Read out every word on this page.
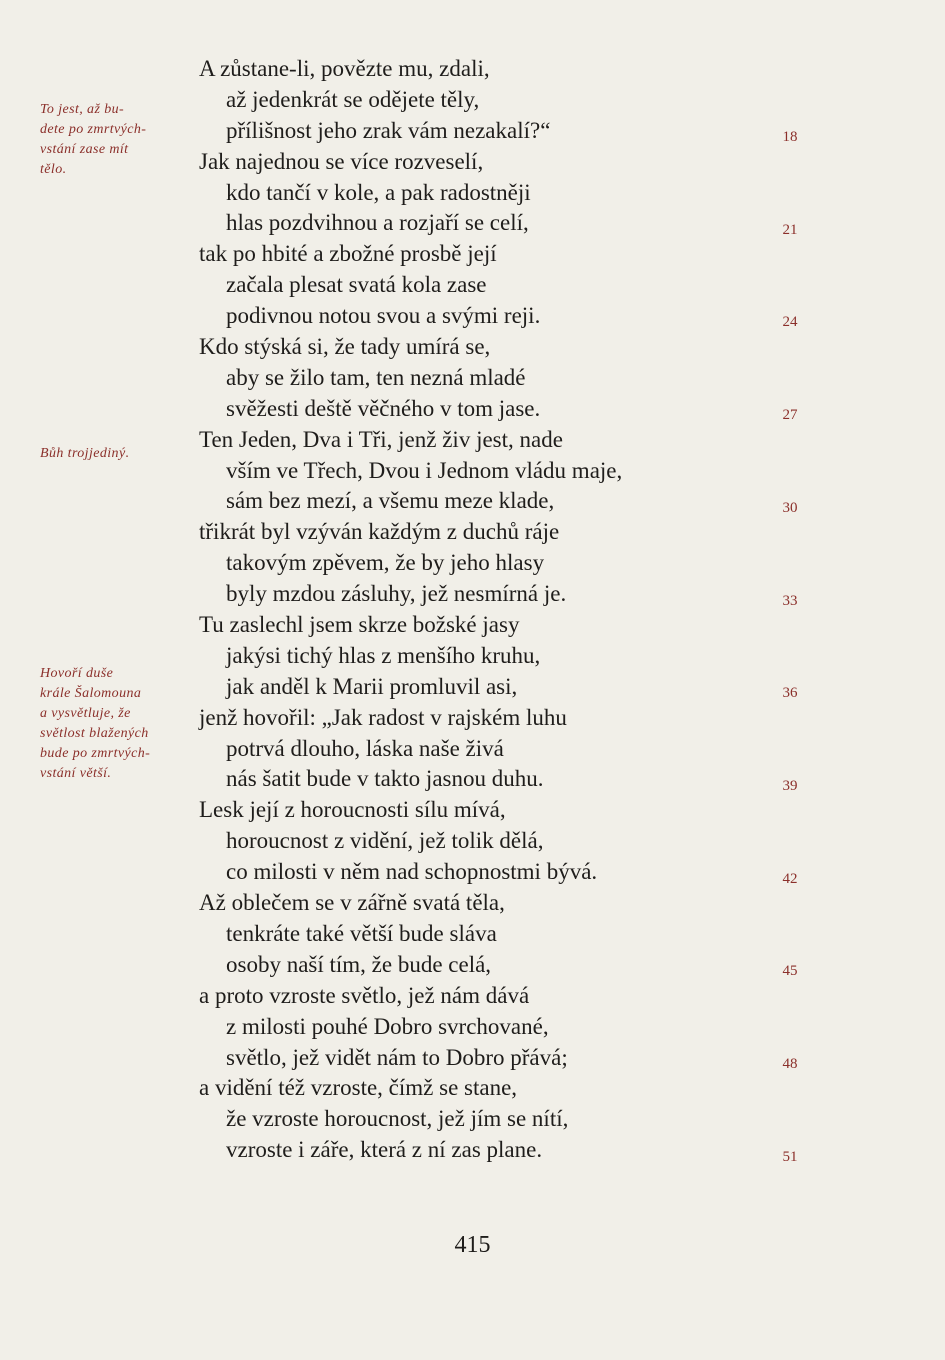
To jest, až bu-
dete po zmrtvých-
vstání zase mít
tělo.
Bůh trojjediný.
Hovoří duše
krále Šalomouna
a vysvětluje, že
světlost blažených
bude po zmrtvých-
vstání větší.
A zůstane-li, povězte mu, zdali,
až jedenkrát se oděјete těly,
přílišnost jeho zrak vám nezakalí?“
Jak najednou se více rozveselí,
kdo tančí v kole, a pak radostněji
hlas pozdvihnou a rozjaří se celí,
tak po hbité a zbožné prosbě její
začala plesat svatá kola zase
podivnou notou svou a svými reji.
Kdo stýská si, že tady umírá se,
aby se žilo tam, ten nezná mladé
svěžesti deště věčného v tom jase.
Ten Jeden, Dva i Tři, jenž živ jest, nade
vším ve Třech, Dvou i Jednom vládu maje,
sám bez mezí, a všemu meze klade,
třikrát byl vzýván každým z duchů ráje
takovým zpěvem, že by jeho hlasy
byly mzdou zásluhy, jež nesmírná je.
Tu zaslechl jsem skrze božské jasy
jakýsi tichý hlas z menšího kruhu,
jak anděl k Marii promluvil asi,
jenž hovořil: „Jak radost v rajském luhu
potrvá dlouho, láska naše živá
nás šatit bude v takto jasnou duhu.
Lesk její z horoucnosti sílu mívá,
horoucnost z vidění, jež tolik dělá,
co milosti v něm nad schopnostmi bývá.
Až oblečem se v zářně svatá těla,
tenkráte také větší bude sláva
osoby naší tím, že bude celá,
a proto vzroste světlo, jež nám dává
z milosti pouhé Dobro svrchované,
světlo, jež vidět nám to Dobro přává;
a vidění též vzroste, čímž se stane,
že vzroste horoucnost, jež jím se nítí,
vzroste i záře, která z ní zas plane.
18
21
24
27
30
33
36
39
42
45
48
51
415
